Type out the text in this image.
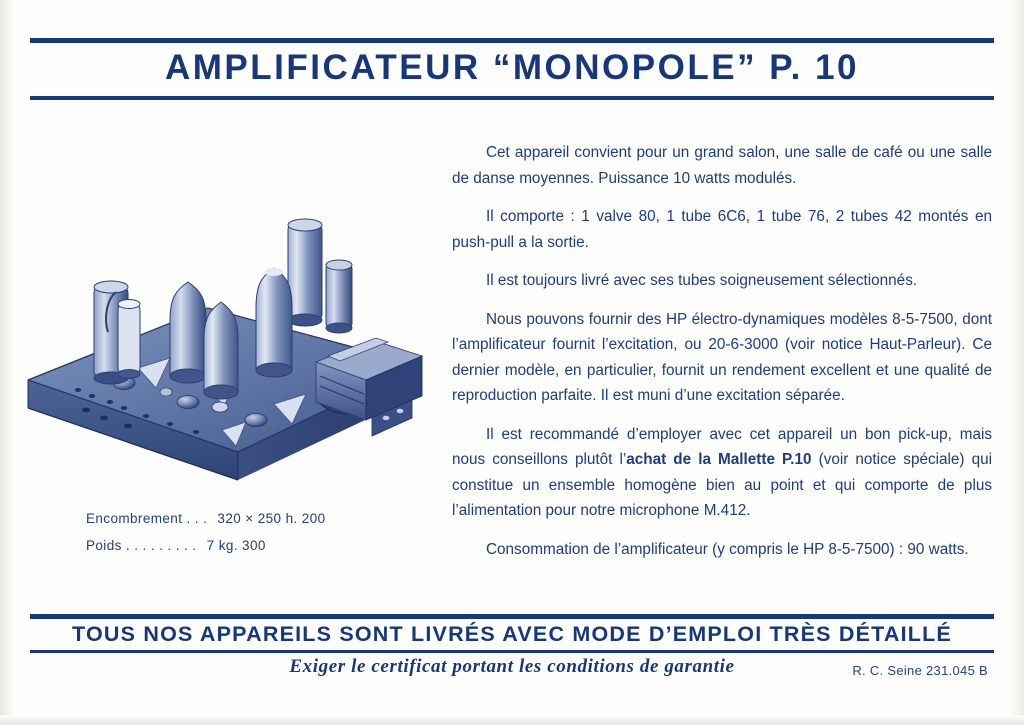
AMPLIFICATEUR “MONOPOLE” P. 10
Encombrement . . . 320 × 250 h. 200
Poids . . . . . . . . . 7 kg. 300

Cet appareil convient pour un grand salon, une salle de café ou une salle de danse moyennes. Puissance 10 watts modulés.

Il comporte : 1 valve 80, 1 tube 6C6, 1 tube 76, 2 tubes 42 montés en push-pull a la sortie.

Il est toujours livré avec ses tubes soigneusement sélectionnés.

Nous pouvons fournir des HP électro-dynamiques modèles 8-5-7500, dont l’amplificateur fournit l’excitation, ou 20-6-3000 (voir notice Haut-Parleur). Ce dernier modèle, en particulier, fournit un rendement excellent et une qualité de reproduction parfaite. Il est muni d’une excitation séparée.

Il est recommandé d’employer avec cet appareil un bon pick-up, mais nous conseillons plutôt l’achat de la Mallette P.10 (voir notice spéciale) qui constitue un ensemble homogène bien au point et qui comporte de plus l’alimentation pour notre microphone M.412.

Consommation de l’amplificateur (y compris le HP 8-5-7500) : 90 watts.

TOUS NOS APPAREILS SONT LIVRÉS AVEC MODE D’EMPLOI TRÈS DÉTAILLÉ
Exiger le certificat portant les conditions de garantie	R. C. Seine 231.045 B
